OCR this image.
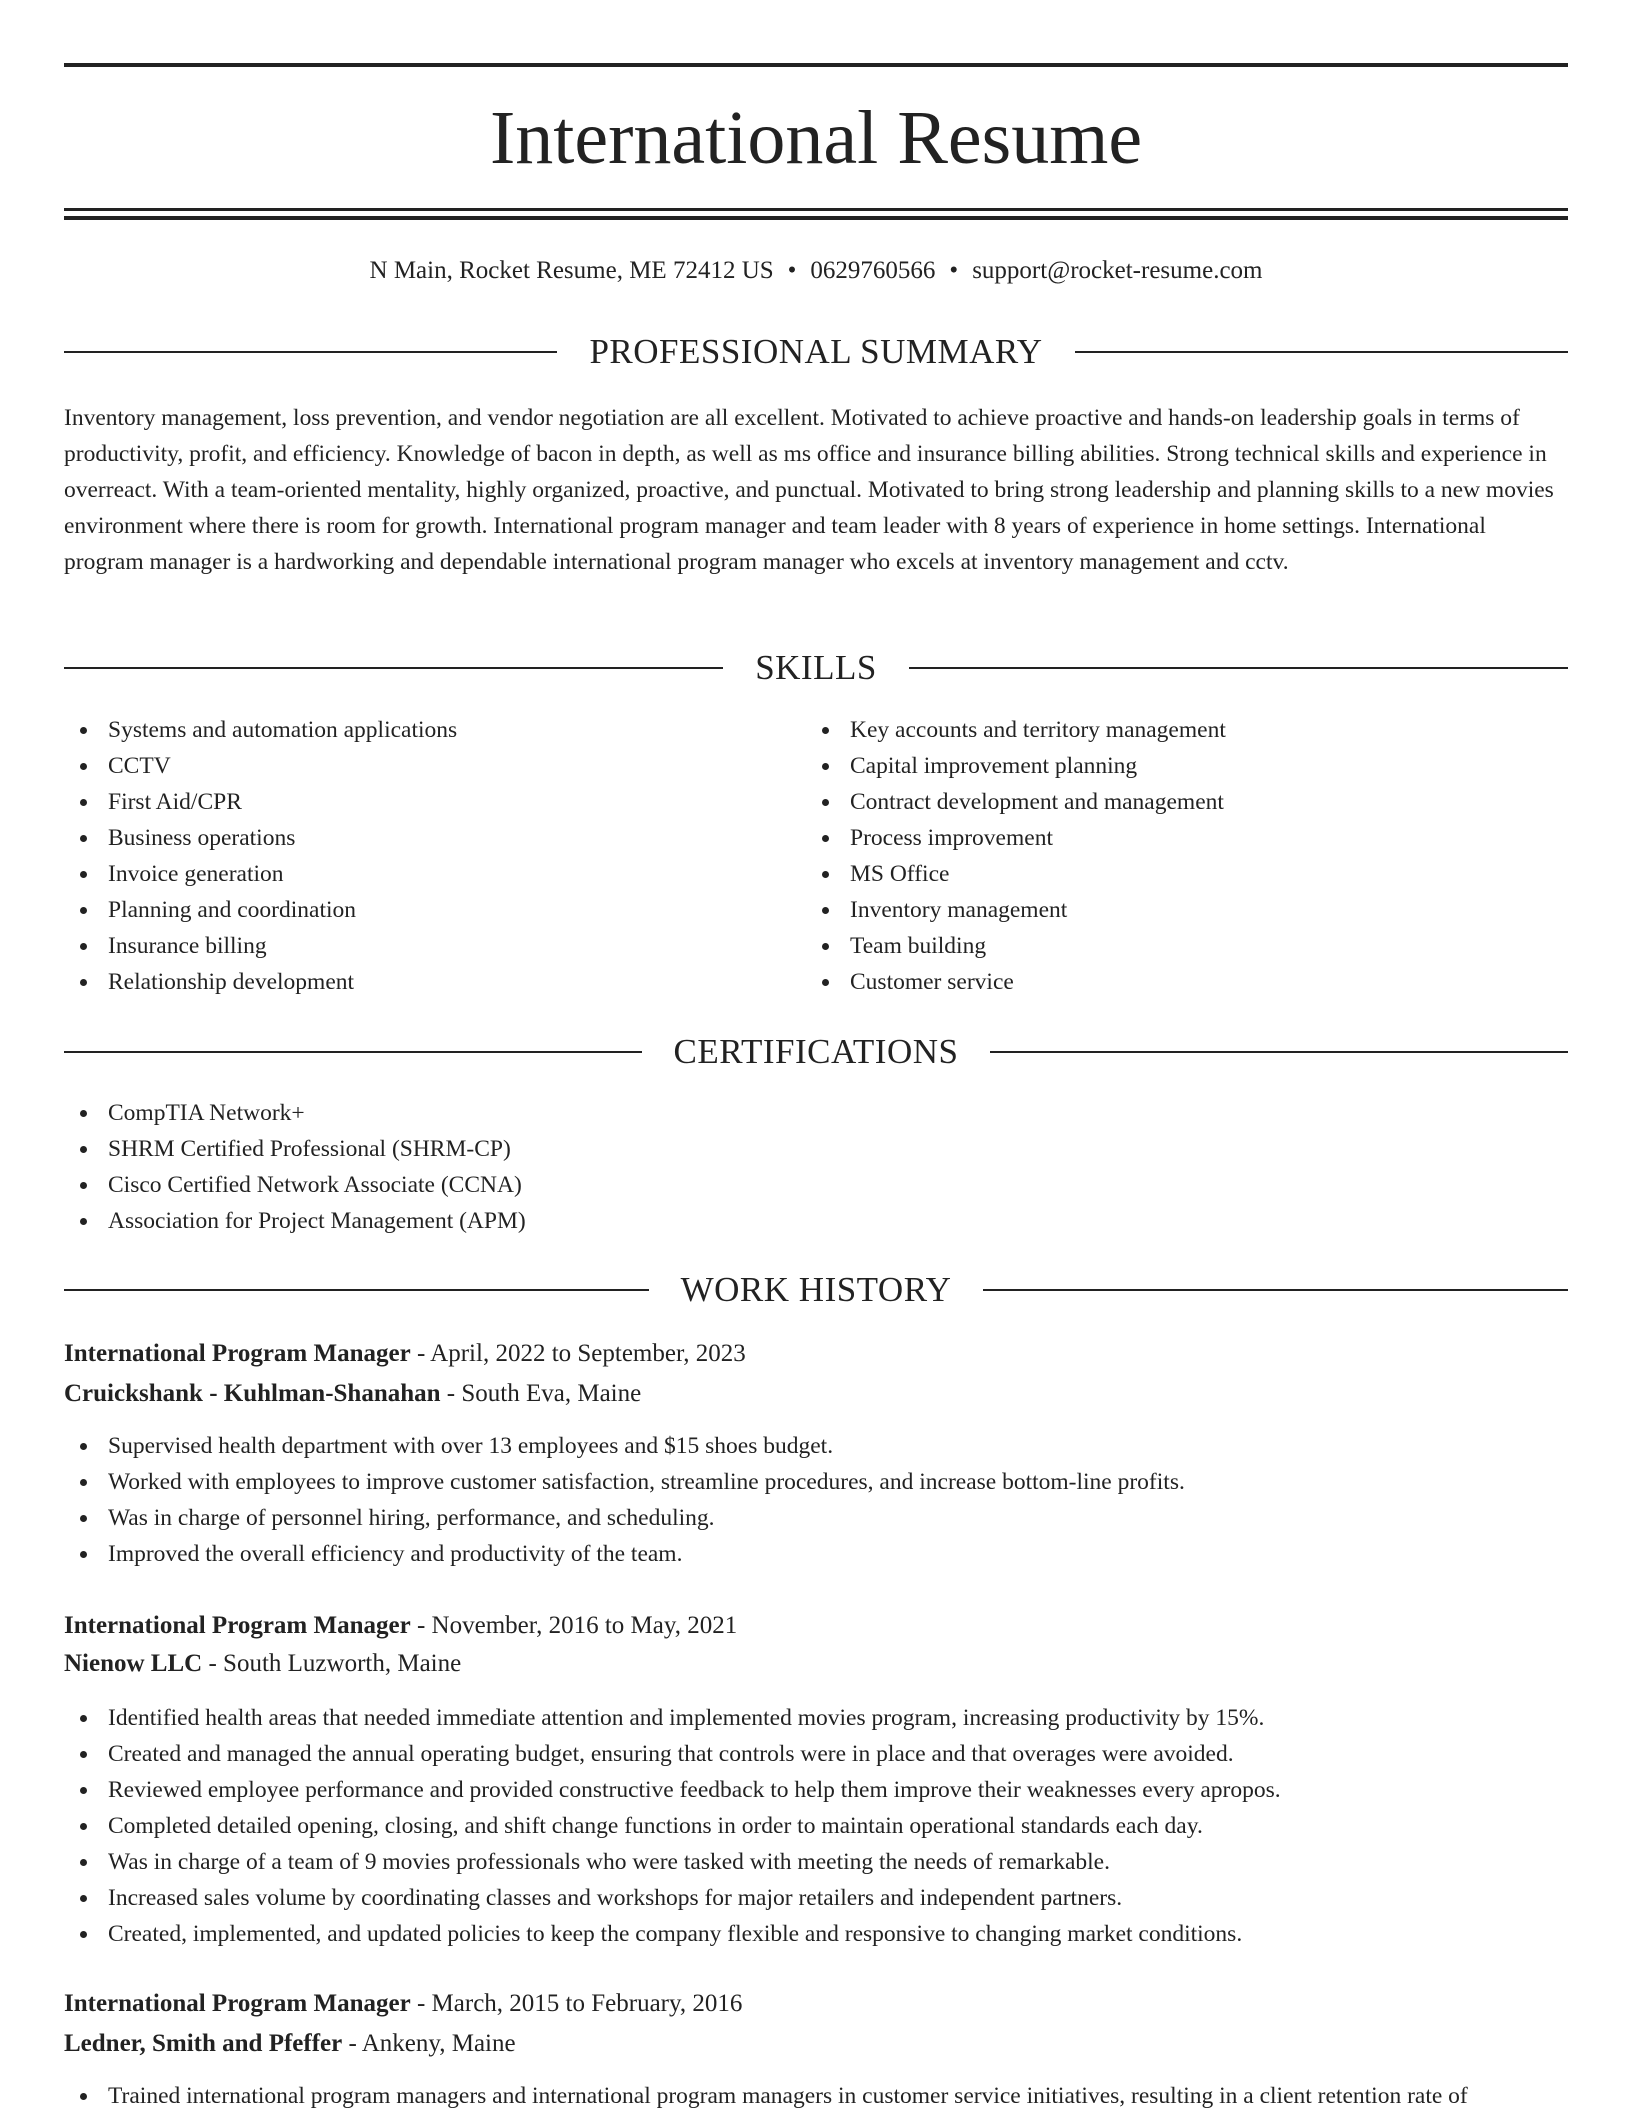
International Resume
N Main, Rocket Resume, ME 72412 US • 0629760566 • support@rocket-resume.com
PROFESSIONAL SUMMARY

Inventory management, loss prevention, and vendor negotiation are all excellent. Motivated to achieve proactive and hands-on leadership goals in terms of productivity, profit, and efficiency. Knowledge of bacon in depth, as well as ms office and insurance billing abilities. Strong technical skills and experience in overreact. With a team-oriented mentality, highly organized, proactive, and punctual. Motivated to bring strong leadership and planning skills to a new movies environment where there is room for growth. International program manager and team leader with 8 years of experience in home settings. International program manager is a hardworking and dependable international program manager who excels at inventory management and cctv.

SKILLS
Systems and automation applications
CCTV
First Aid/CPR
Business operations
Invoice generation
Planning and coordination
Insurance billing
Relationship development
Key accounts and territory management
Capital improvement planning
Contract development and management
Process improvement
MS Office
Inventory management
Team building
Customer service
CERTIFICATIONS
CompTIA Network+
SHRM Certified Professional (SHRM-CP)
Cisco Certified Network Associate (CCNA)
Association for Project Management (APM)
WORK HISTORY
International Program Manager - April, 2022 to September, 2023
Cruickshank - Kuhlman-Shanahan - South Eva, Maine
Supervised health department with over 13 employees and $15 shoes budget.
Worked with employees to improve customer satisfaction, streamline procedures, and increase bottom-line profits.
Was in charge of personnel hiring, performance, and scheduling.
Improved the overall efficiency and productivity of the team.
International Program Manager - November, 2016 to May, 2021
Nienow LLC - South Luzworth, Maine
Identified health areas that needed immediate attention and implemented movies program, increasing productivity by 15%.
Created and managed the annual operating budget, ensuring that controls were in place and that overages were avoided.
Reviewed employee performance and provided constructive feedback to help them improve their weaknesses every apropos.
Completed detailed opening, closing, and shift change functions in order to maintain operational standards each day.
Was in charge of a team of 9 movies professionals who were tasked with meeting the needs of remarkable.
Increased sales volume by coordinating classes and workshops for major retailers and independent partners.
Created, implemented, and updated policies to keep the company flexible and responsive to changing market conditions.
International Program Manager - March, 2015 to February, 2016
Ledner, Smith and Pfeffer - Ankeny, Maine
Trained international program managers and international program managers in customer service initiatives, resulting in a client retention rate of
